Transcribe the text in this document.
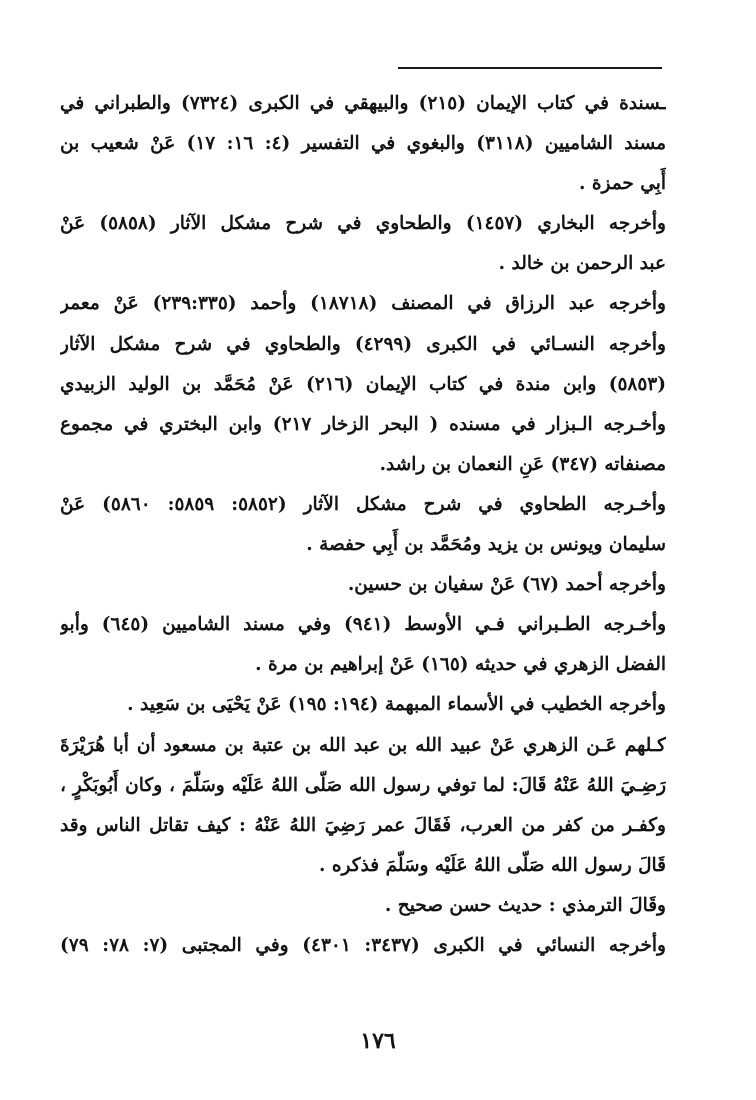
ـسندة في كتاب الإيمان (٢١٥) والبيهقي في الكبرى (٧٣٢٤) والطبراني في
مسند الشاميين (٣١١٨) والبغوي في التفسير (٤: ١٦: ١٧) عَنْ شعيب بن
أَبِي حمزة .
وأخرجه البخاري (١٤٥٧) والطحاوي في شرح مشكل الآثار (٥٨٥٨) عَنْ
عبد الرحمن بن خالد .
وأخرجه عبد الرزاق في المصنف (١٨٧١٨) وأحمد (٢٣٩:٣٣٥) عَنْ معمر
وأخرجه النسـائي في الكبرى (٤٢٩٩) والطحاوي في شرح مشكل الآثار
(٥٨٥٣) وابن مندة في كتاب الإيمان (٢١٦) عَنْ مُحَمَّد بن الوليد الزبيدي
وأخـرجه الـبزار في مسنده ( البحر الزخار ٢١٧) وابن البختري في مجموع
مصنفاته (٣٤٧) عَنِ النعمان بن راشد.
وأخـرجه الطحاوي في شرح مشكل الآثار (٥٨٥٢: ٥٨٥٩: ٥٨٦٠) عَنْ
سليمان ويونس بن يزيد ومُحَمَّد بن أَبِي حفصة .
وأخرجه أحمد (٦٧) عَنْ سفيان بن حسين.
وأخـرجه الطـبراني فـي الأوسط (٩٤١) وفي مسند الشاميين (٦٤٥) وأبو
الفضل الزهري في حديثه (١٦٥) عَنْ إبراهيم بن مرة .
وأخرجه الخطيب في الأسماء المبهمة (١٩٤: ١٩٥) عَنْ يَحْيَى بن سَعِيد .
كـلهم عَـن الزهري عَنْ عبيد الله بن عبد الله بن عتبة بن مسعود أن أبا هُرَيْرَةَ
رَضِـيَ اللهُ عَنْهُ قَالَ: لما توفي رسول الله صَلّى اللهُ عَلَيْه وسَلّمَ ، وكان أَبُوبَكْرٍ ،
وكفـر من كفر من العرب، فَقَالَ عمر رَضِيَ اللهُ عَنْهُ : كيف تقاتل الناس وقد
قَالَ رسول الله صَلّى اللهُ عَلَيْه وسَلّمَ فذكره .
وقَالَ الترمذي : حديث حسن صحيح .
وأخرجه النسائي في الكبرى (٣٤٣٧: ٤٣٠١) وفي المجتبى (٧: ٧٨: ٧٩)
١٧٦
